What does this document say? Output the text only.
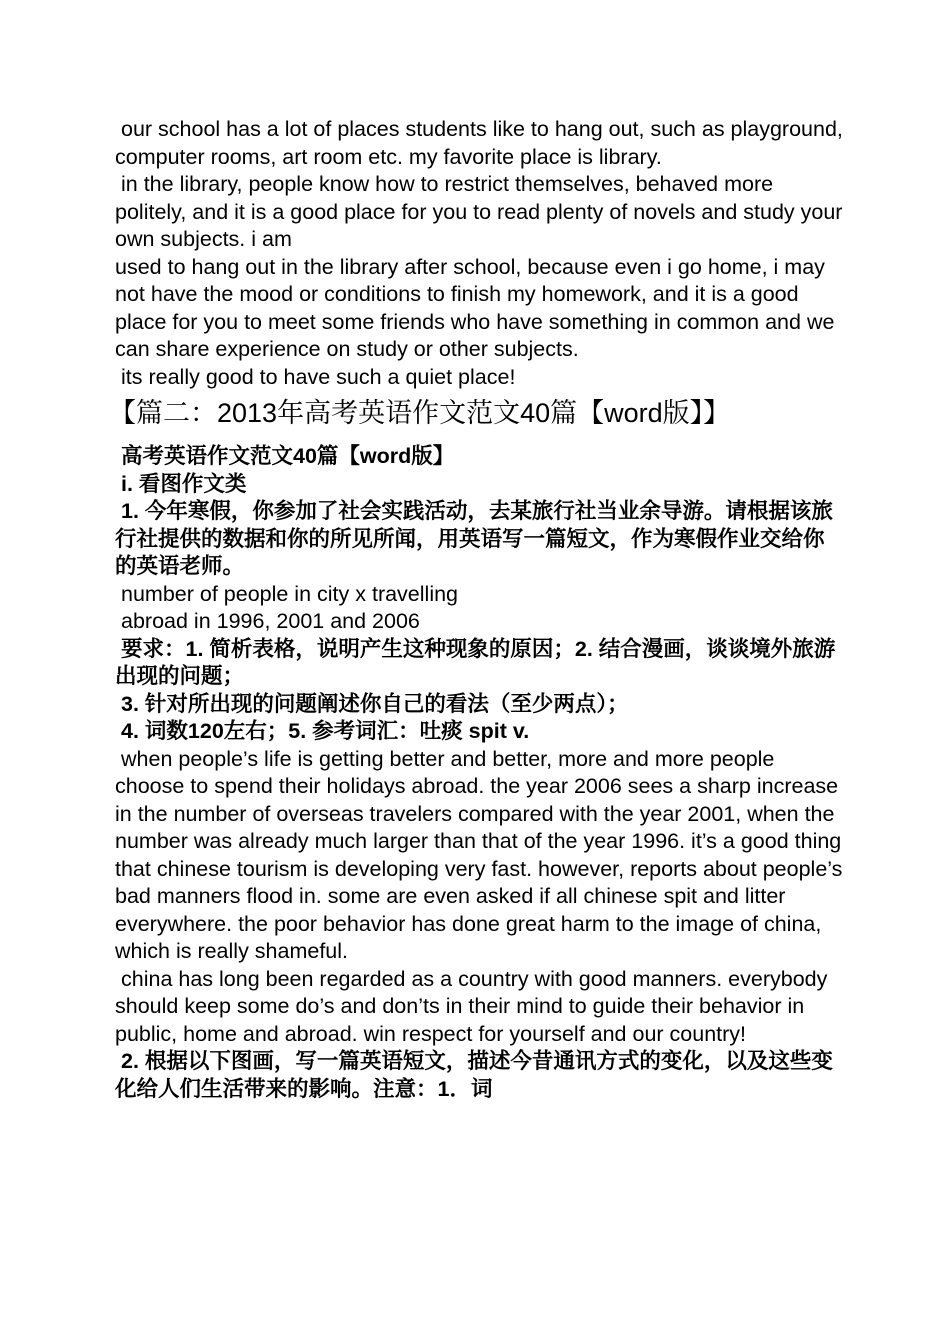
our school has a lot of places students like to hang out, such as playground, computer rooms, art room etc. my favorite place is library.

in the library, people know how to restrict themselves, behaved more politely, and it is a good place for you to read plenty of novels and study your own subjects. i am

used to hang out in the library after school, because even i go home, i may not have the mood or conditions to finish my homework, and it is a good place for you to meet some friends who have something in common and we can share experience on study or other subjects.

its really good to have such a quiet place!

【篇二：2013年高考英语作文范文40篇【word版】】

高考英语作文范文40篇【word版】

i. 看图作文类

1. 今年寒假，你参加了社会实践活动，去某旅行社当业余导游。请根据该旅行社提供的数据和你的所见所闻，用英语写一篇短文，作为寒假作业交给你的英语老师。

number of people in city x travelling

abroad in 1996, 2001 and 2006

要求：1. 简析表格，说明产生这种现象的原因；2. 结合漫画，谈谈境外旅游出现的问题；

3. 针对所出现的问题阐述你自己的看法（至少两点）；

4. 词数120左右；5. 参考词汇：吐痰 spit v.

when people’s life is getting better and better, more and more people choose to spend their holidays abroad. the year 2006 sees a sharp increase in the number of overseas travelers compared with the year 2001, when the number was already much larger than that of the year 1996. it’s a good thing that chinese tourism is developing very fast. however, reports about people’s bad manners flood in. some are even asked if all chinese spit and litter everywhere. the poor behavior has done great harm to the image of china, which is really shameful.

china has long been regarded as a country with good manners. everybody should keep some do’s and don’ts in their mind to guide their behavior in public, home and abroad. win respect for yourself and our country!

2. 根据以下图画，写一篇英语短文，描述今昔通讯方式的变化，以及这些变化给人们生活带来的影响。注意：1．词
